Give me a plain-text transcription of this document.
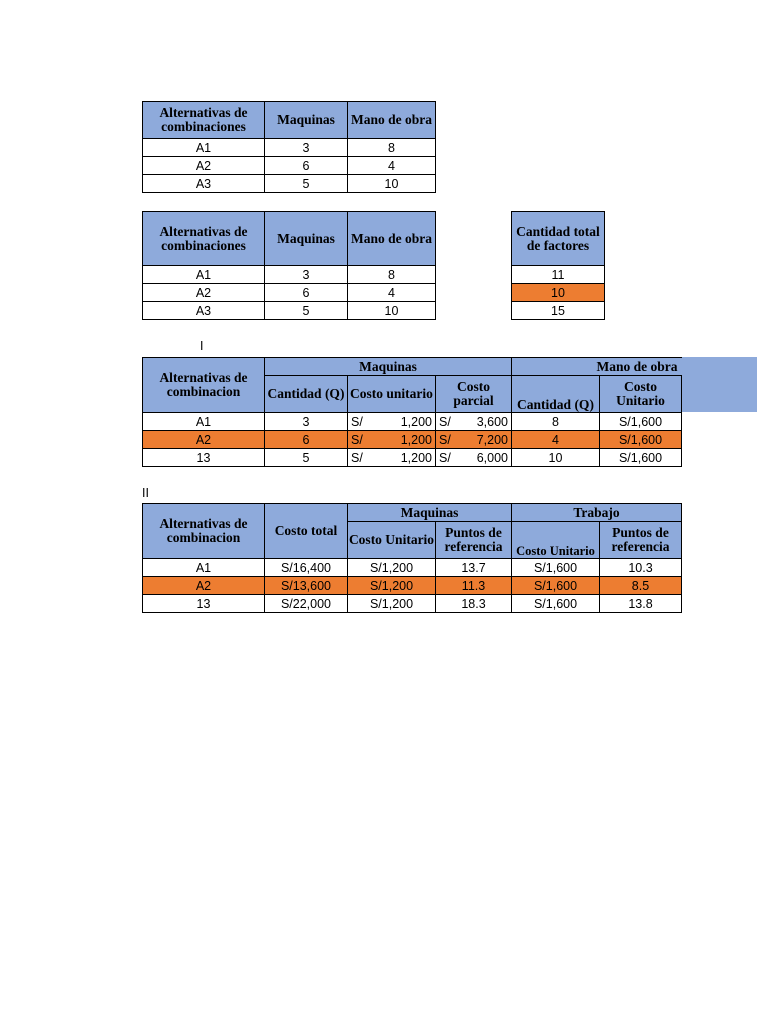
Alternativas de combinaciones	Maquinas	Mano de obra
A1	3	8
A2	6	4
A3	5	10
Alternativas de combinaciones	Maquinas	Mano de obra
A1	3	8
A2	6	4
A3	5	10
Cantidad total de factores
11
10
15
I
Alternativas de combinacion	Maquinas			Mano de obra	
	Cantidad (Q)	Costo unitario	Costo parcial	Cantidad (Q)	Costo Unitario
A1	3	S/ 1,200	S/ 3,600	8	S/1,600
A2	6	S/ 1,200	S/ 7,200	4	S/1,600
13	5	S/ 1,200	S/ 6,000	10	S/1,600
II
Alternativas de combinacion	Costo total	Maquinas		Trabajo	
		Costo Unitario	Puntos de referencia	Costo Unitario	Puntos de referencia
A1	S/16,400	S/1,200	13.7	S/1,600	10.3
A2	S/13,600	S/1,200	11.3	S/1,600	8.5
13	S/22,000	S/1,200	18.3	S/1,600	13.8
